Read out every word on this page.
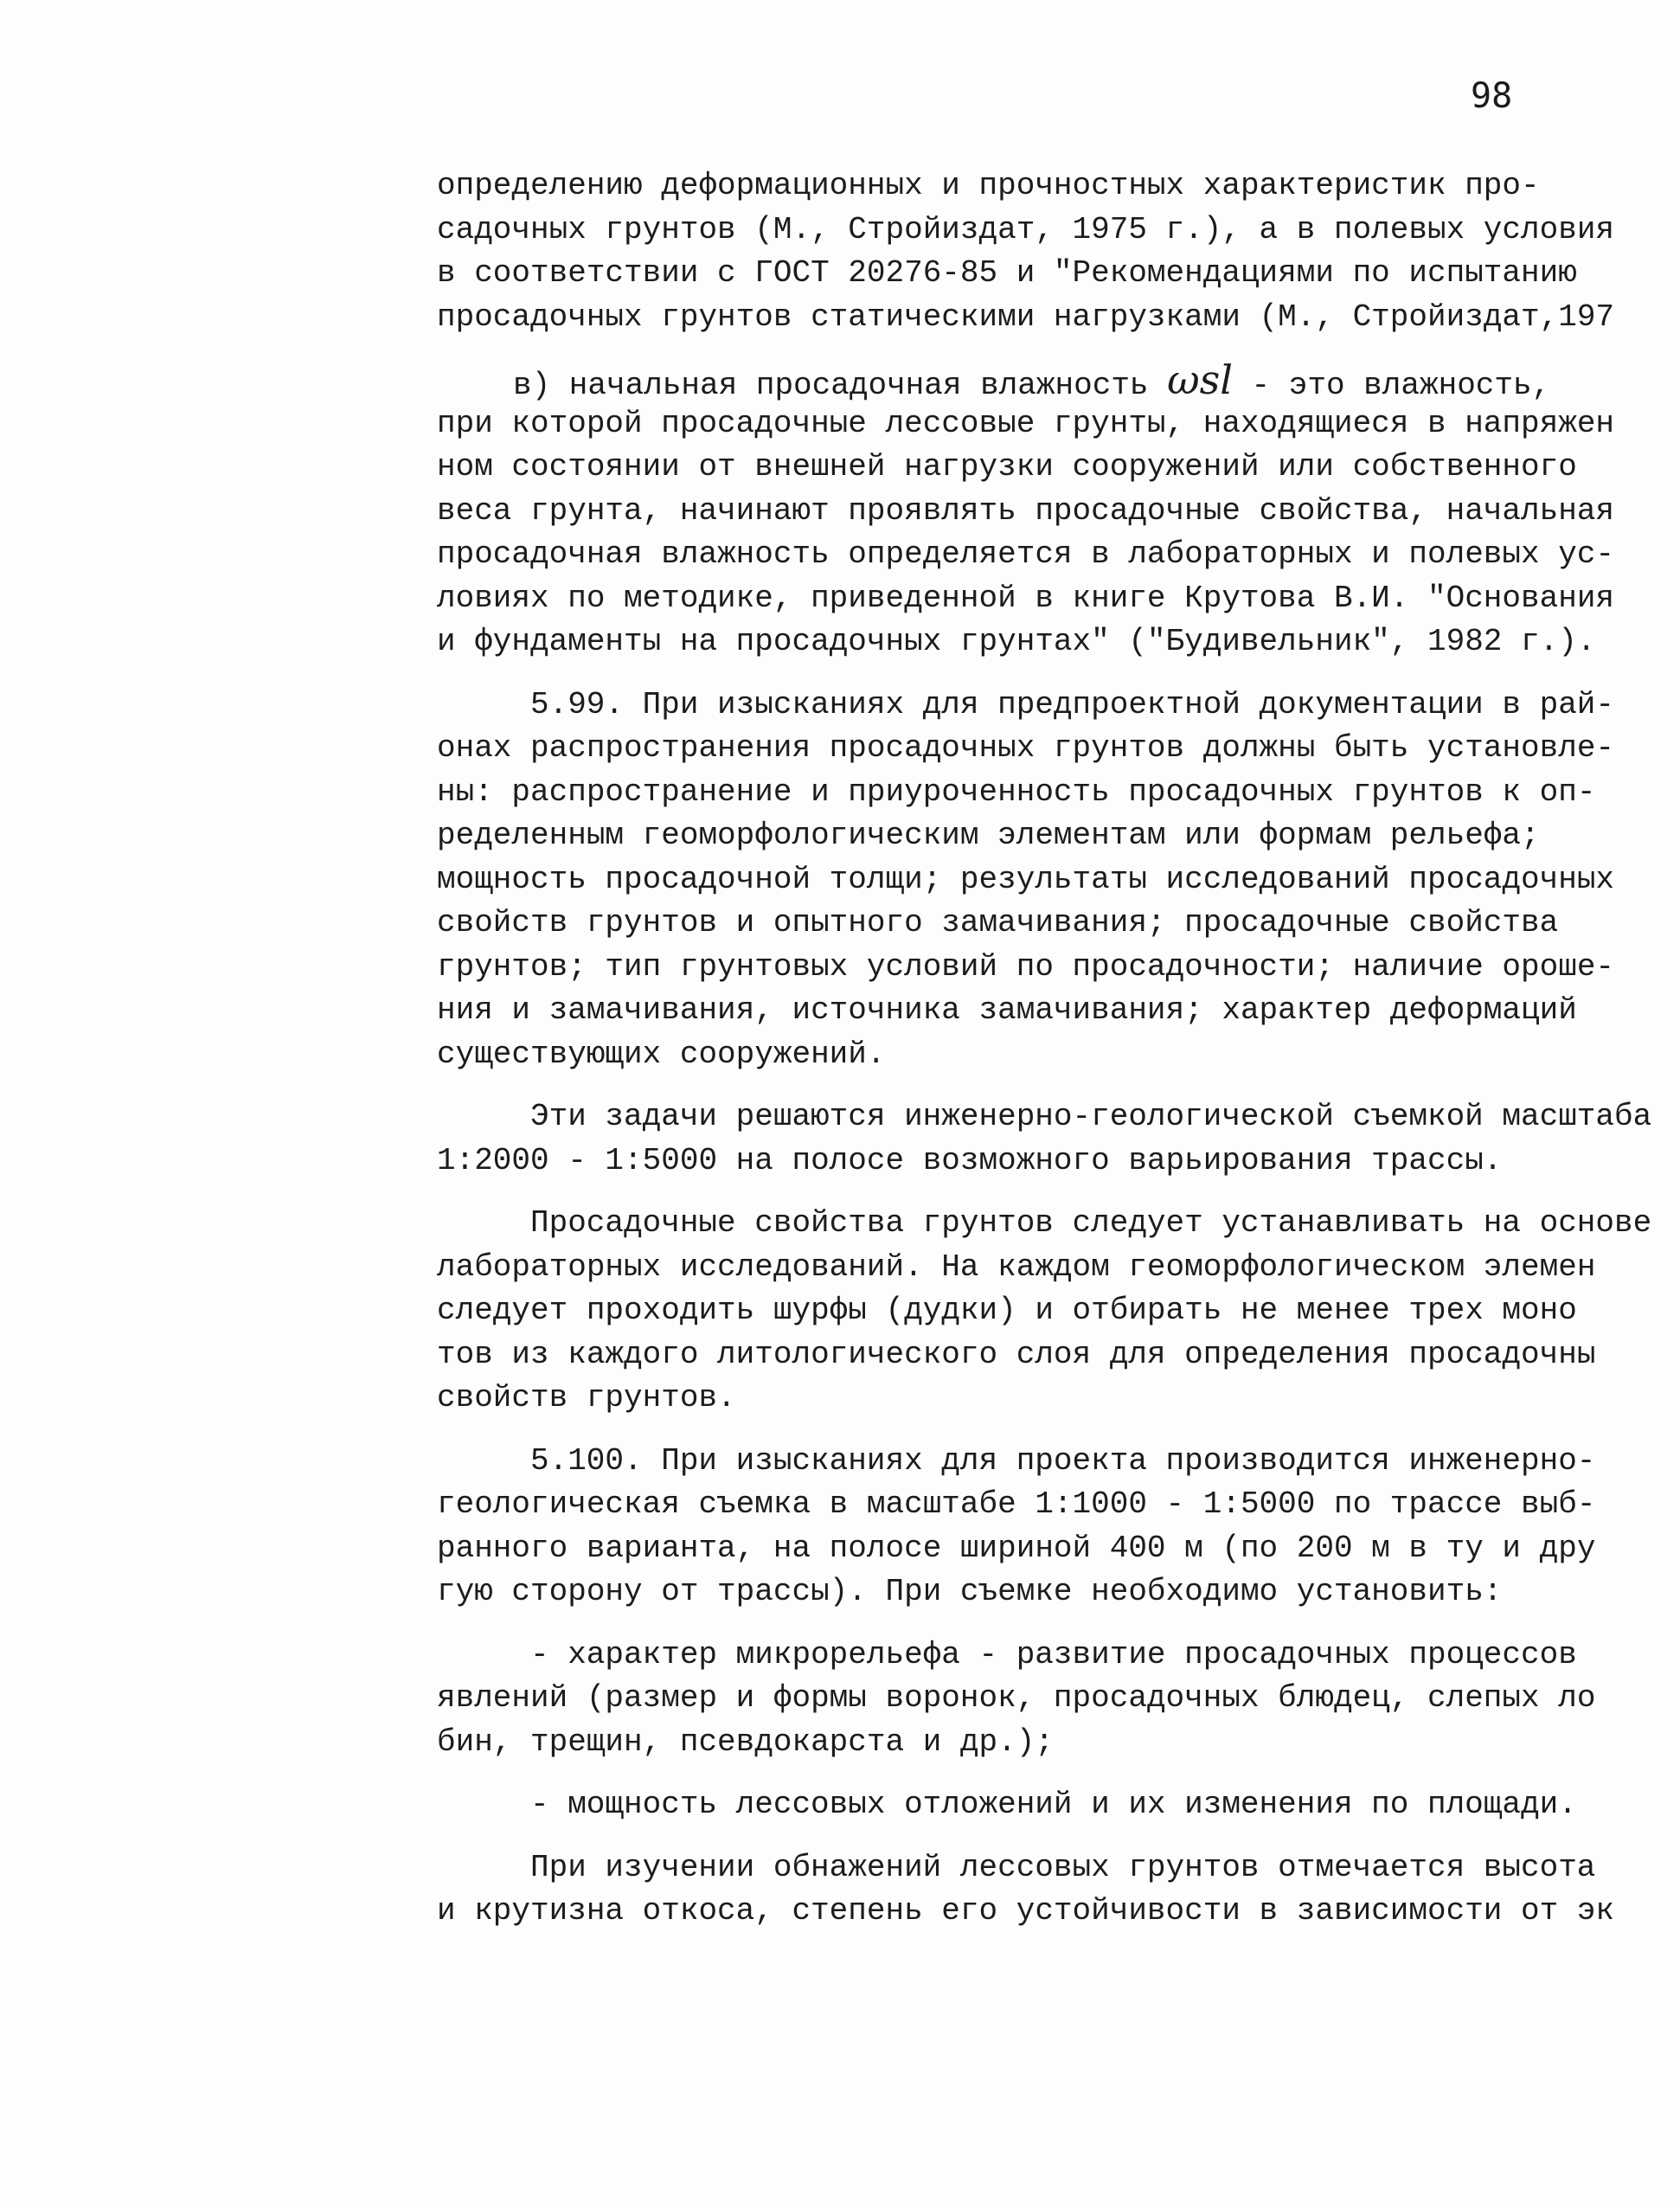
98
определению деформационных и прочностных характеристик про-
садочных грунтов (М., Стройиздат, 1975 г.), а в полевых условия
в соответствии с ГОСТ 20276-85 и "Рекомендациями по испытанию
просадочных грунтов статическими нагрузками (М., Стройиздат,197
в) начальная просадочная влажность ωsl - это влажность,
при которой просадочные лессовые грунты, находящиеся в напряжен
ном состоянии от внешней нагрузки сооружений или собственного
веса грунта, начинают проявлять просадочные свойства, начальная
просадочная влажность определяется в лабораторных и полевых ус-
ловиях по методике, приведенной в книге Крутова В.И. "Основания
и фундаменты на просадочных грунтах" ("Будивельник", 1982 г.).
5.99. При изысканиях для предпроектной документации в рай-
онах распространения просадочных грунтов должны быть установле-
ны: распространение и приуроченность просадочных грунтов к оп-
ределенным геоморфологическим элементам или формам рельефа;
мощность просадочной толщи; результаты исследований просадочных
свойств грунтов и опытного замачивания; просадочные свойства
грунтов; тип грунтовых условий по просадочности; наличие ороше-
ния и замачивания, источника замачивания; характер деформаций
существующих сооружений.
Эти задачи решаются инженерно-геологической съемкой масштаба
1:2000 - 1:5000 на полосе возможного варьирования трассы.
Просадочные свойства грунтов следует устанавливать на основе
лабораторных исследований. На каждом геоморфологическом элемен
следует проходить шурфы (дудки) и отбирать не менее трех моно
тов из каждого литологического слоя для определения просадочны
свойств грунтов.
5.100. При изысканиях для проекта производится инженерно-
геологическая съемка в масштабе 1:1000 - 1:5000 по трассе выб-
ранного варианта, на полосе шириной 400 м (по 200 м в ту и дру
гую сторону от трассы). При съемке необходимо установить:
- характер микрорельефа - развитие просадочных процессов
явлений (размер и формы воронок, просадочных блюдец, слепых ло
бин, трещин, псевдокарста и др.);
- мощность лессовых отложений и их изменения по площади.
При изучении обнажений лессовых грунтов отмечается высота
и крутизна откоса, степень его устойчивости в зависимости от эк
